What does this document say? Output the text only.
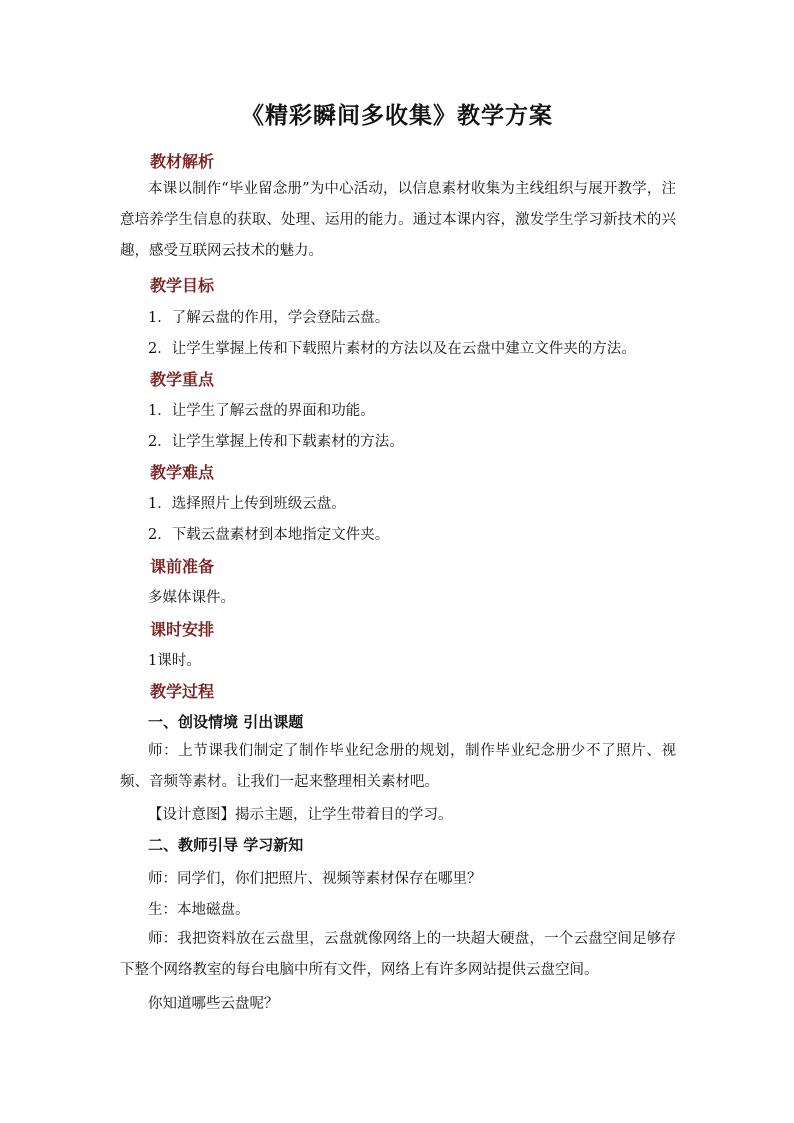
《精彩瞬间多收集》教学方案
教材解析
本课以制作“毕业留念册”为中心活动，以信息素材收集为主线组织与展开教学，注意培养学生信息的获取、处理、运用的能力。通过本课内容，激发学生学习新技术的兴趣，感受互联网云技术的魅力。
教学目标
1．了解云盘的作用，学会登陆云盘。
2．让学生掌握上传和下载照片素材的方法以及在云盘中建立文件夹的方法。
教学重点
1．让学生了解云盘的界面和功能。
2．让学生掌握上传和下载素材的方法。
教学难点
1．选择照片上传到班级云盘。
2．下载云盘素材到本地指定文件夹。
课前准备
多媒体课件。
课时安排
1课时。
教学过程
一、创设情境 引出课题
师：上节课我们制定了制作毕业纪念册的规划，制作毕业纪念册少不了照片、视频、音频等素材。让我们一起来整理相关素材吧。
【设计意图】揭示主题，让学生带着目的学习。
二、教师引导 学习新知
师：同学们，你们把照片、视频等素材保存在哪里？
生：本地磁盘。
师：我把资料放在云盘里，云盘就像网络上的一块超大硬盘，一个云盘空间足够存下整个网络教室的每台电脑中所有文件，网络上有许多网站提供云盘空间。
你知道哪些云盘呢？
